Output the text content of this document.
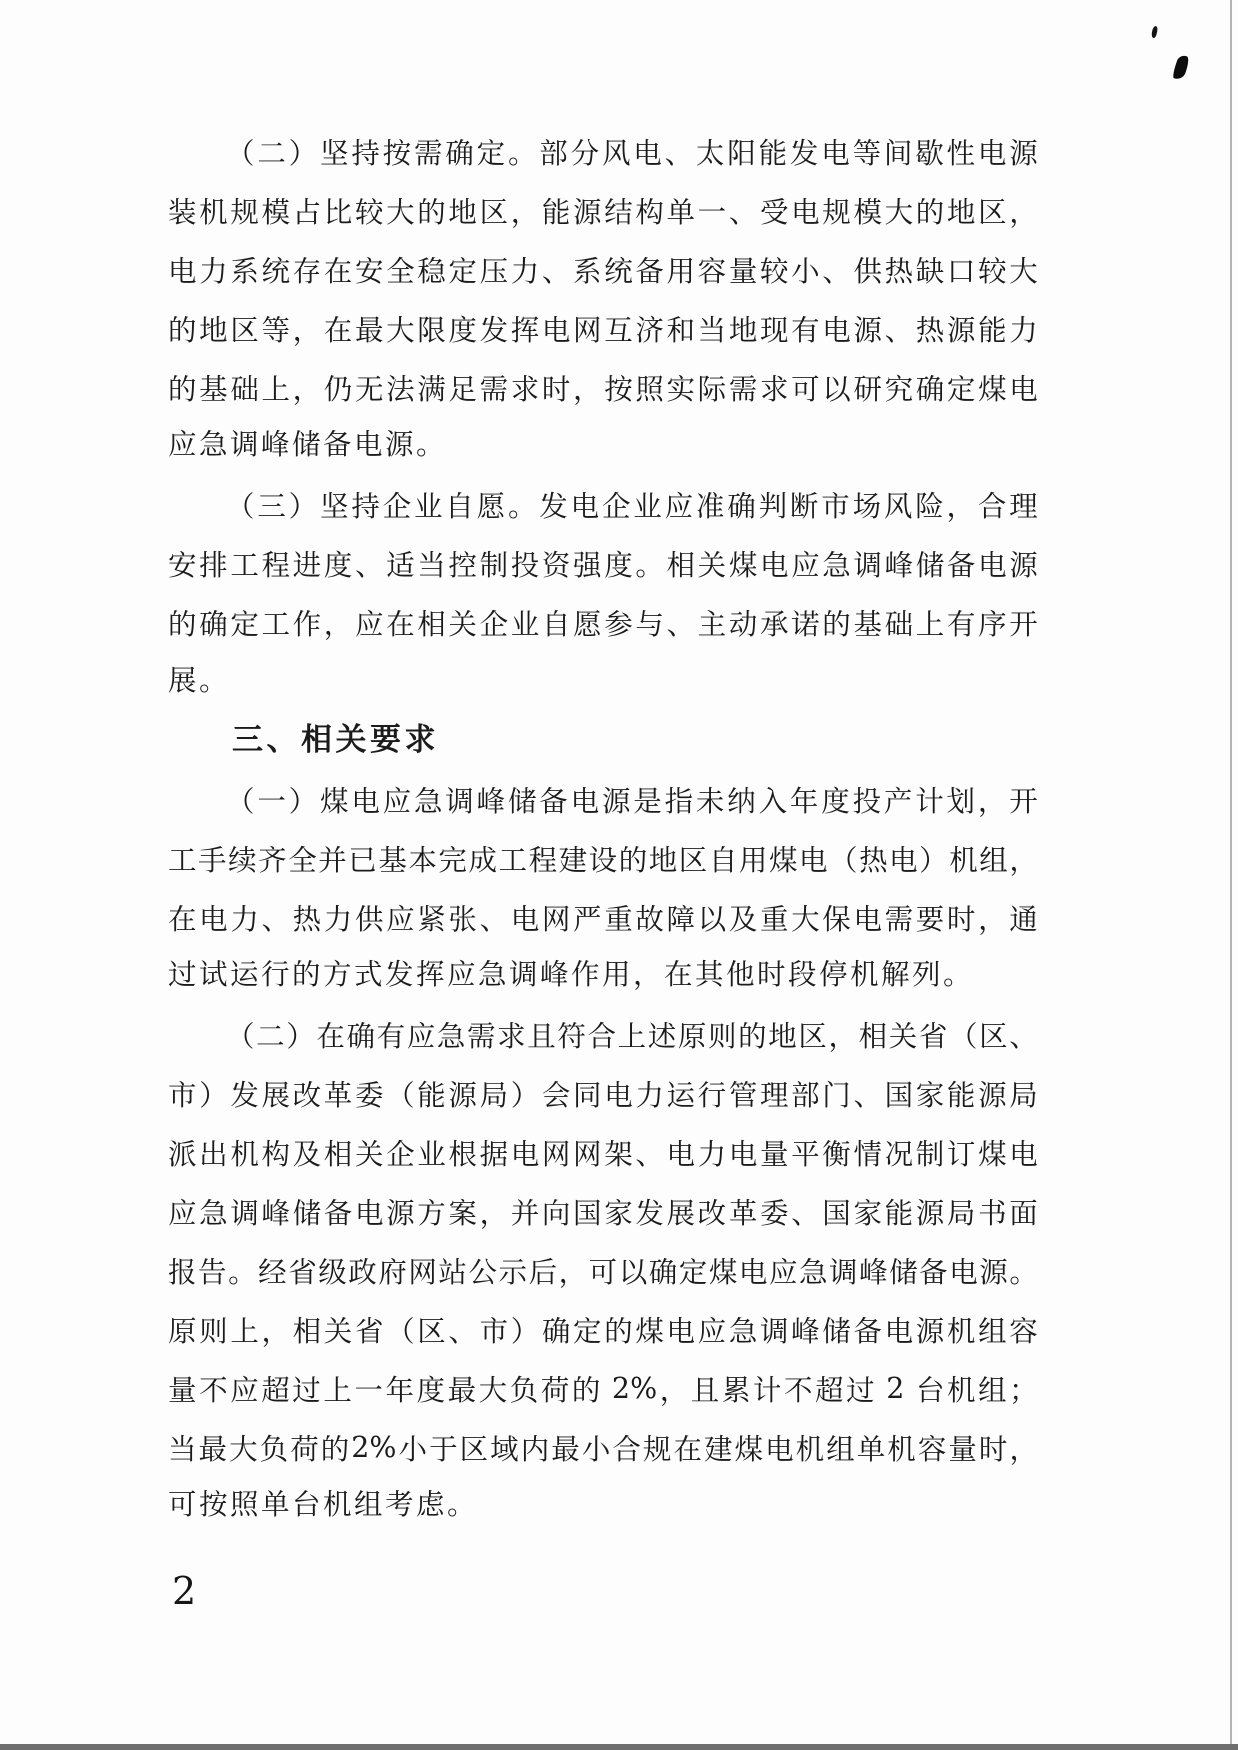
（ 二 ） 坚 持 按 需 确 定 。 部 分 风 电 、 太 阳 能 发 电 等 间 歇 性 电 源
装 机 规 模 占 比 较 大 的 地 区 ， 能 源 结 构 单 一 、 受 电 规 模 大 的 地 区 ，
电 力 系 统 存 在 安 全 稳 定 压 力 、 系 统 备 用 容 量 较 小 、 供 热 缺 口 较 大
的 地 区 等 ， 在 最 大 限 度 发 挥 电 网 互 济 和 当 地 现 有 电 源 、 热 源 能 力
的 基 础 上 ， 仍 无 法 满 足 需 求 时 ， 按 照 实 际 需 求 可 以 研 究 确 定 煤 电
应急调峰储备电源。
（ 三 ） 坚 持 企 业 自 愿 。 发 电 企 业 应 准 确 判 断 市 场 风 险 ， 合 理
安 排 工 程 进 度 、 适 当 控 制 投 资 强 度 。 相 关 煤 电 应 急 调 峰 储 备 电 源
的 确 定 工 作 ， 应 在 相 关 企 业 自 愿 参 与 、 主 动 承 诺 的 基 础 上 有 序 开
展。
三、相关要求
（ 一 ） 煤 电 应 急 调 峰 储 备 电 源 是 指 未 纳 入 年 度 投 产 计 划 ， 开
工 手 续 齐 全 并 已 基 本 完 成 工 程 建 设 的 地 区 自 用 煤 电 （ 热 电 ） 机 组 ，
在 电 力 、 热 力 供 应 紧 张 、 电 网 严 重 故 障 以 及 重 大 保 电 需 要 时 ， 通
过试运行的方式发挥应急调峰作用，在其他时段停机解列。
（ 二 ） 在 确 有 应 急 需 求 且 符 合 上 述 原 则 的 地 区 ， 相 关 省 （ 区 、
市 ） 发 展 改 革 委 （ 能 源 局 ） 会 同 电 力 运 行 管 理 部 门 、 国 家 能 源 局
派 出 机 构 及 相 关 企 业 根 据 电 网 网 架 、 电 力 电 量 平 衡 情 况 制 订 煤 电
应 急 调 峰 储 备 电 源 方 案 ， 并 向 国 家 发 展 改 革 委 、 国 家 能 源 局 书 面
报 告 。 经 省 级 政 府 网 站 公 示 后 ， 可 以 确 定 煤 电 应 急 调 峰 储 备 电 源 。
原 则 上 ， 相 关 省 （ 区 、 市 ） 确 定 的 煤 电 应 急 调 峰 储 备 电 源 机 组 容
量 不 应 超 过 上 一 年 度 最 大 负 荷 的 2% ， 且 累 计 不 超 过 2 台 机 组 ；
当 最 大 负 荷 的 2% 小 于 区 域 内 最 小 合 规 在 建 煤 电 机 组 单 机 容 量 时 ，
可按照单台机组考虑。
2
